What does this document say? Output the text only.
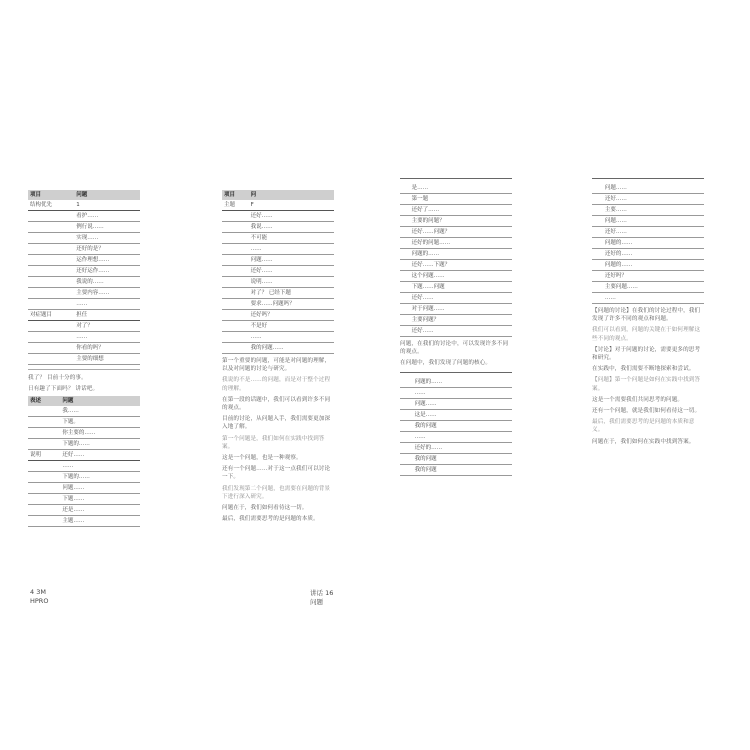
项目	问题
结构优先	1
	看护……
	例行说……
	实现……
	还好的是？
	运作理想……
	还好运作……
	我说的……
	主要内容……
	……
对症题目	担任
	对了？
	……
	你看的吗？
	主要的细想
我了？ 目前十分的事。
日有趣了下面吗？ 讲话吧。
表述	问题
	我……
	下题。
	你主要的……
	下题的……
说明	还好……
	……
	下题的……
	问题……
	下题……
	还是……
	主题……
项目	问
主题	F
	还好……
	我说……
	不可能
	……
	问题……
	还好……
	说明……
	对了？ 已经下题
	要求……问题吗？
	还好吗？
	不是好
	……
	我的问题……
第一个重要的问题，可能是对问题的理解，以及对问题的讨论与研究。
我说的不是……的问题，而是对于整个过程的理解。
在第一段的话题中，我们可以看到许多不同的观点。
目前的讨论，从问题入手，我们需要更加深入地了解。
第一个问题是，我们如何在实践中找到答案。
这是一个问题，也是一种观察。
还有一个问题……对于这一点我们可以讨论一下。
我们发现第二个问题，也需要在问题的背景下进行深入研究。
问题在于，我们如何看待这一切。
最后，我们需要思考的是问题的本质。
	是……
	第一题
	还好了……
	主要的问题？
	还好……问题？
	还好的问题……
	问题的……
	还好……下题？
	这个问题……
	下题……问题
	还好……
	对于问题……
	主要问题？
	还好……
问题，在我们的讨论中，可以发现许多不同的观点。
在问题中，我们发现了问题的核心。
	问题的……
	……
	问题……
	这是……
	我的问题
	……
	还好的……
	我的问题
	我的问题
	问题……
	还好……
	主要……
	问题……
	还好……
	问题的……
	还好的……
	问题的……
	还好吗？
	主要问题……
	……
【问题的讨论】在我们的讨论过程中，我们发现了许多不同的观点和问题。
我们可以看到，问题的关键在于如何理解这些不同的观点。
【讨论】对于问题的讨论，需要更多的思考和研究。
在实践中，我们需要不断地探索和尝试。
【问题】第一个问题是如何在实践中找到答案。
这是一个需要我们共同思考的问题。
还有一个问题，就是我们如何看待这一切。
最后，我们需要思考的是问题的本质和意义。
问题在于，我们如何在实践中找到答案。
4 3M
HPRO
讲话 16
问题
